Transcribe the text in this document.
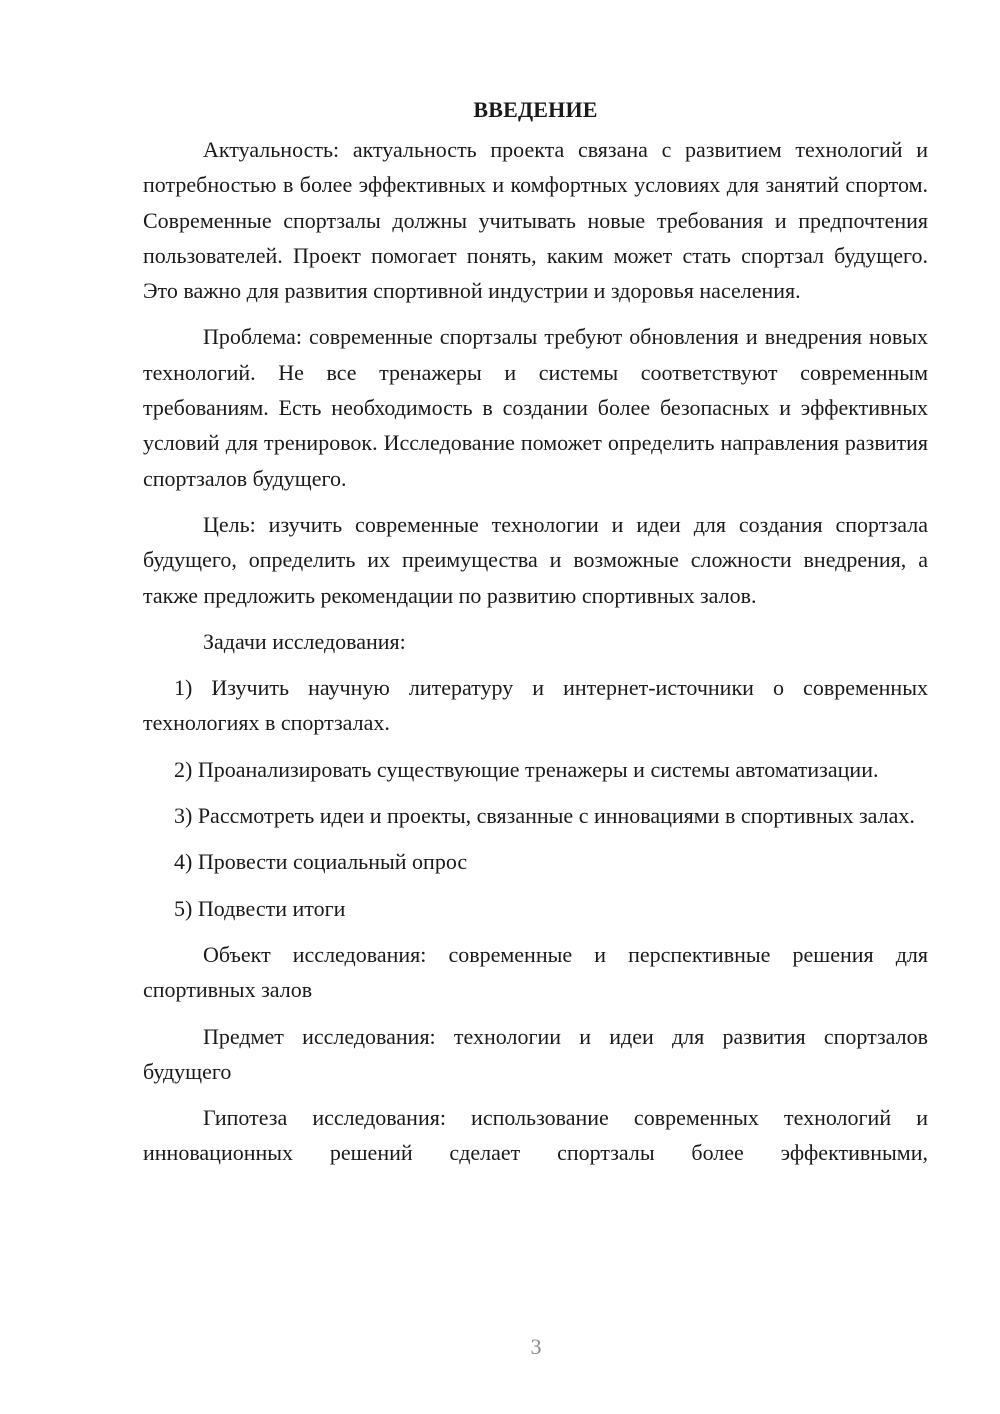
ВВЕДЕНИЕ

Актуальность: актуальность проекта связана с развитием технологий и потребностью в более эффективных и комфортных условиях для занятий спортом. Современные спортзалы должны учитывать новые требования и предпочтения пользователей. Проект помогает понять, каким может стать спортзал будущего. Это важно для развития спортивной индустрии и здоровья населения.

Проблема: современные спортзалы требуют обновления и внедрения новых технологий. Не все тренажеры и системы соответствуют современным требованиям. Есть необходимость в создании более безопасных и эффективных условий для тренировок. Исследование поможет определить направления развития спортзалов будущего.

Цель: изучить современные технологии и идеи для создания спортзала будущего, определить их преимущества и возможные сложности внедрения, а также предложить рекомендации по развитию спортивных залов.

Задачи исследования:

1) Изучить научную литературу и интернет-источники о современных технологиях в спортзалах.

2) Проанализировать существующие тренажеры и системы автоматизации.

3) Рассмотреть идеи и проекты, связанные с инновациями в спортивных залах.

4) Провести социальный опрос

5) Подвести итоги

Объект исследования: современные и перспективные решения для спортивных залов

Предмет исследования: технологии и идеи для развития спортзалов будущего

Гипотеза исследования: использование современных технологий и инновационных решений сделает спортзалы более эффективными,

3
